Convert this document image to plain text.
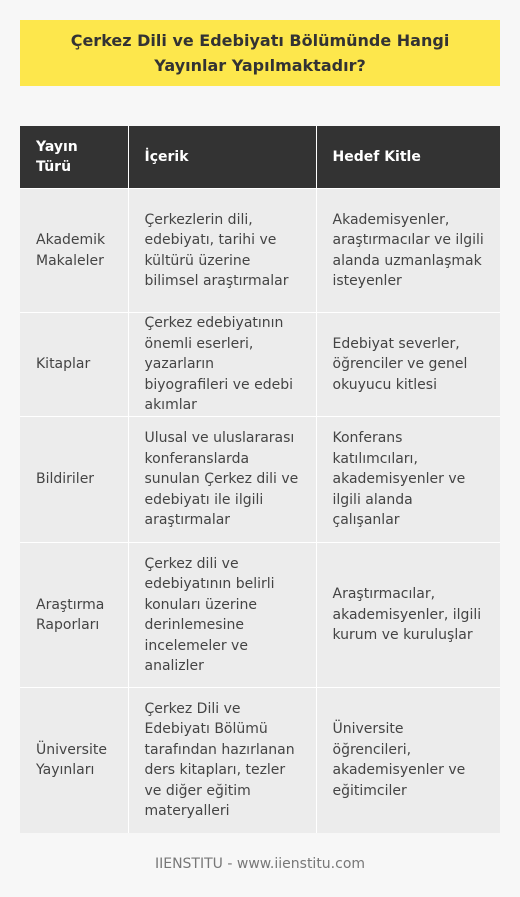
Çerkez Dili ve Edebiyatı Bölümünde Hangi Yayınlar Yapılmaktadır?
Yayın Türü	İçerik	Hedef Kitle
Akademik Makaleler	Çerkezlerin dili, edebiyatı, tarihi ve kültürü üzerine bilimsel araştırmalar	Akademisyenler, araştırmacılar ve ilgili alanda uzmanlaşmak isteyenler
Kitaplar	Çerkez edebiyatının önemli eserleri, yazarların biyografileri ve edebi akımlar	Edebiyat severler, öğrenciler ve genel okuyucu kitlesi
Bildiriler	Ulusal ve uluslararası konferanslarda sunulan Çerkez dili ve edebiyatı ile ilgili araştırmalar	Konferans katılımcıları, akademisyenler ve ilgili alanda çalışanlar
Araştırma Raporları	Çerkez dili ve edebiyatının belirli konuları üzerine derinlemesine incelemeler ve analizler	Araştırmacılar, akademisyenler, ilgili kurum ve kuruluşlar
Üniversite Yayınları	Çerkez Dili ve Edebiyatı Bölümü tarafından hazırlanan ders kitapları, tezler ve diğer eğitim materyalleri	Üniversite öğrencileri, akademisyenler ve eğitimciler
IIENSTITU - www.iienstitu.com
